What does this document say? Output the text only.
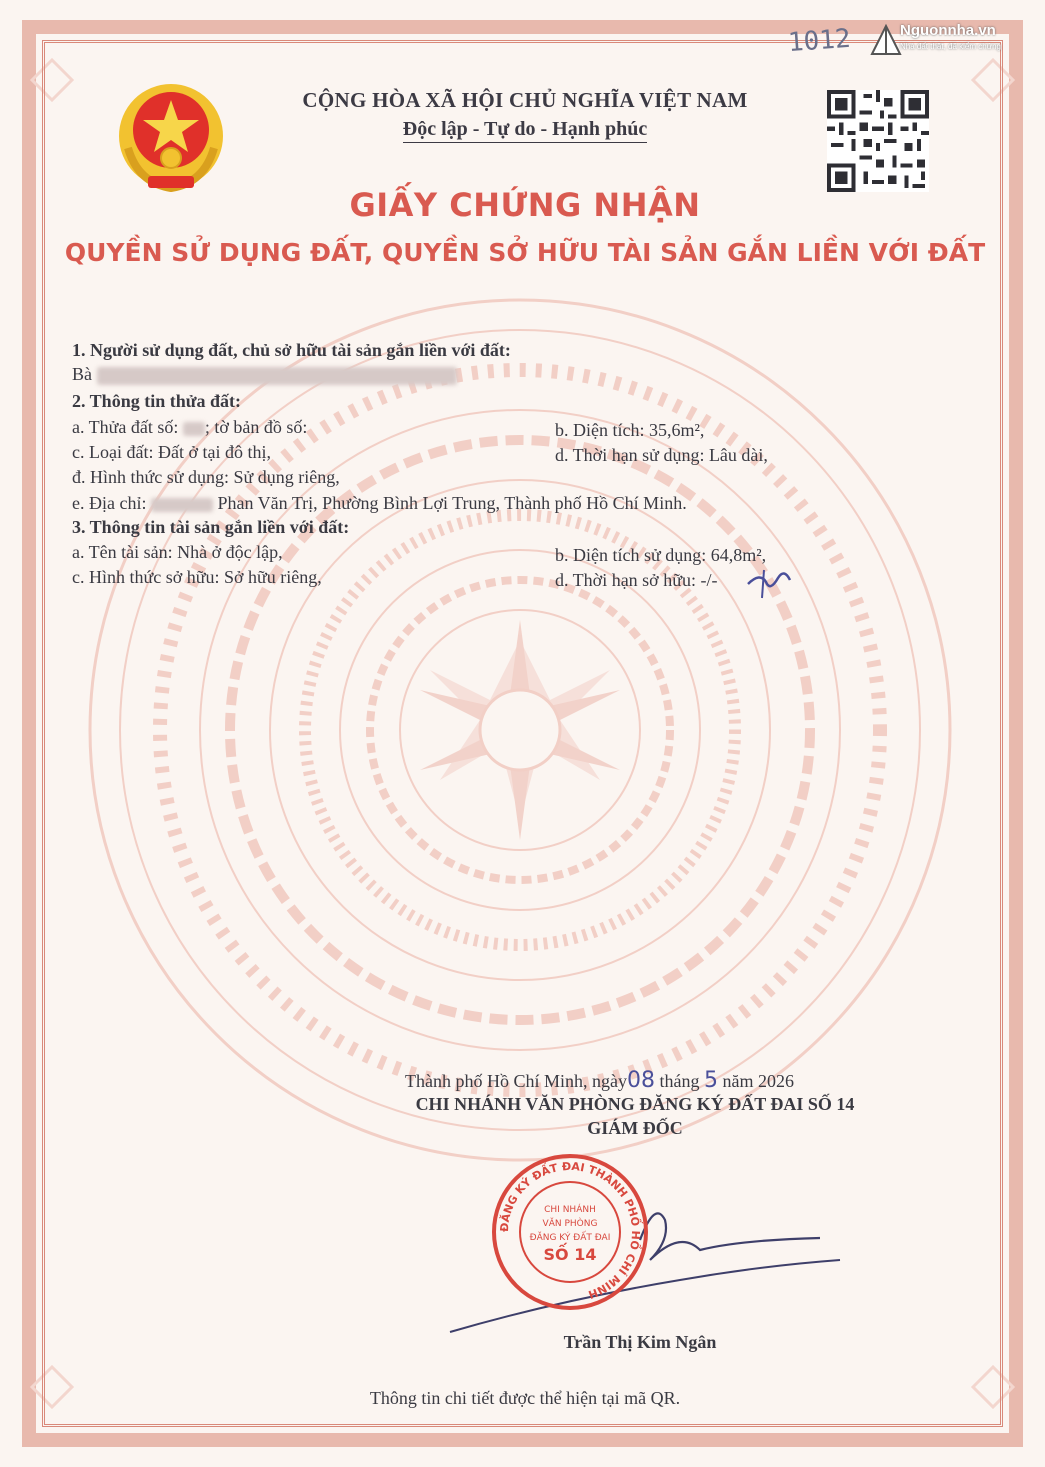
Nguonnha.vn
Nhà đất thật, đã kiểm chứng
1012
CỘNG HÒA XÃ HỘI CHỦ NGHĨA VIỆT NAM
Độc lập - Tự do - Hạnh phúc
GIẤY CHỨNG NHẬN
QUYỀN SỬ DỤNG ĐẤT, QUYỀN SỞ HỮU TÀI SẢN GẮN LIỀN VỚI ĐẤT
1. Người sử dụng đất, chủ sở hữu tài sản gắn liền với đất:
Bà
2. Thông tin thửa đất:
a. Thửa đất số: ; tờ bản đồ số:	b. Diện tích: 35,6m²,
c. Loại đất: Đất ở tại đô thị,	d. Thời hạn sử dụng: Lâu dài,
đ. Hình thức sử dụng: Sử dụng riêng,
e. Địa chỉ:	Phan Văn Trị, Phường Bình Lợi Trung, Thành phố Hồ Chí Minh.
3. Thông tin tài sản gắn liền với đất:
a. Tên tài sản: Nhà ở độc lập,	b. Diện tích sử dụng: 64,8m²,
c. Hình thức sở hữu: Sở hữu riêng,	d. Thời hạn sở hữu: -/-
Thành phố Hồ Chí Minh, ngày08 tháng 5 năm 2026
CHI NHÁNH VĂN PHÒNG ĐĂNG KÝ ĐẤT ĐAI SỐ 14
GIÁM ĐỐC
ĐĂNG KÝ ĐẤT ĐAI THÀNH PHỐ HỒ CHÍ MINH
CHI NHÁNH
VĂN PHÒNG
ĐĂNG KÝ ĐẤT ĐAI
SỐ 14
Trần Thị Kim Ngân
Thông tin chi tiết được thể hiện tại mã QR.
